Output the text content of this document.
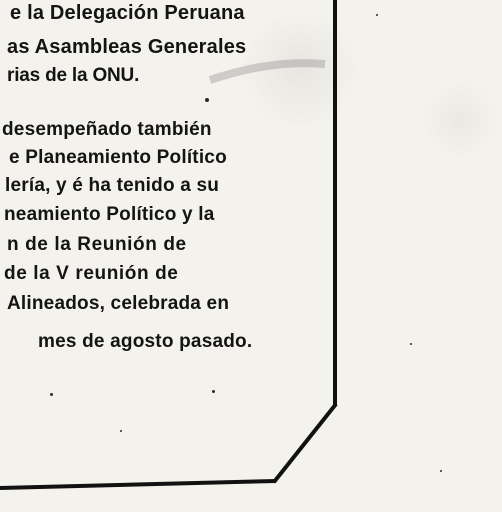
e la Delegación Peruana
as Asambleas Generales
rias de la ONU.
desempeñado también
e Planeamiento Político
lería, y é ha tenido a su
neamiento Político y la
n de la Reunión de
de la V reunión de
Alineados, celebrada en
mes de agosto pasado.
